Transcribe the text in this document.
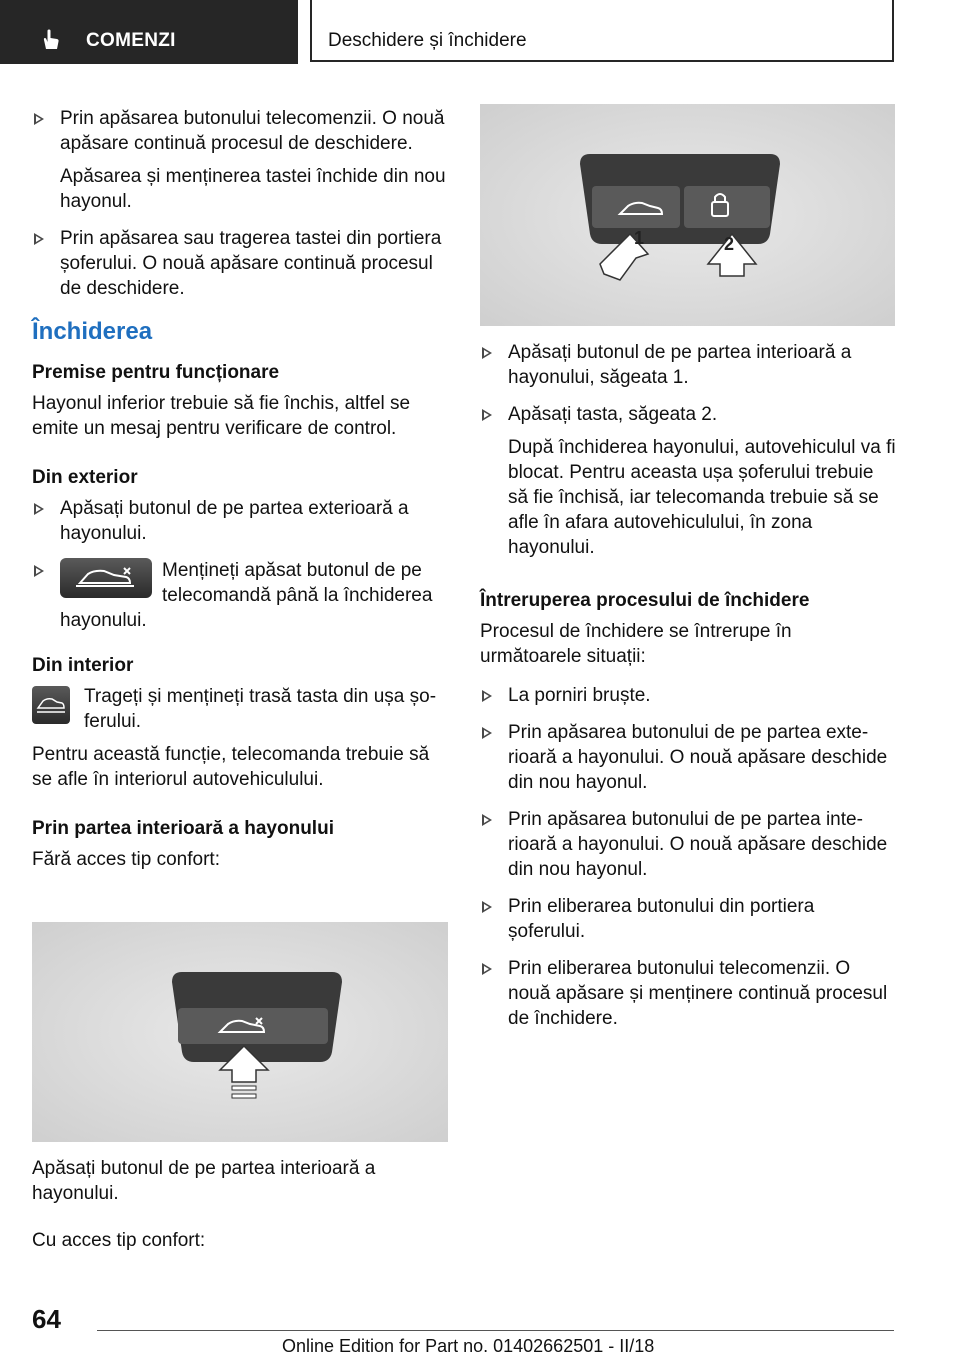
COMENZI	Deschidere și închidere
Prin apăsarea butonului telecomenzii. O nouă apăsare continuă procesul de deschidere.
Apăsarea și menținerea tastei închide din nou hayonul.
Prin apăsarea sau tragerea tastei din portiera șoferului. O nouă apăsare continuă procesul de deschidere.
Închiderea
Premise pentru funcționare

Hayonul inferior trebuie să fie închis, altfel se emite un mesaj pentru verificare de control.

Din exterior
Apăsați butonul de pe partea exterioară a hayonului.
Mențineți apăsat butonul de pe telecomandă până la închiderea hayonului.
Din interior
Trageți și mențineți trasă tasta din ușa șoferului.

Pentru această funcție, telecomanda trebuie să se afle în interiorul autovehiculului.

Prin partea interioară a hayonului

Fără acces tip confort:

Apăsați butonul de pe partea interioară a hayonului.

Cu acces tip confort:

1	2
Apăsați butonul de pe partea interioară a hayonului, săgeata 1.
Apăsați tasta, săgeata 2.
După închiderea hayonului, autovehiculul va fi blocat. Pentru aceasta ușa șoferului trebuie să fie închisă, iar telecomanda trebuie să se afle în afara autovehiculului, în zona hayonului.
Întreruperea procesului de închidere

Procesul de închidere se întrerupe în următoarele situații:

La porniri bruște.
Prin apăsarea butonului de pe partea exterioară a hayonului. O nouă apăsare deschide din nou hayonul.
Prin apăsarea butonului de pe partea interioară a hayonului. O nouă apăsare deschide din nou hayonul.
Prin eliberarea butonului din portiera șoferului.
Prin eliberarea butonului telecomenzii. O nouă apăsare și menținere continuă procesul de închidere.
64
Online Edition for Part no. 01402662501 - II/18
